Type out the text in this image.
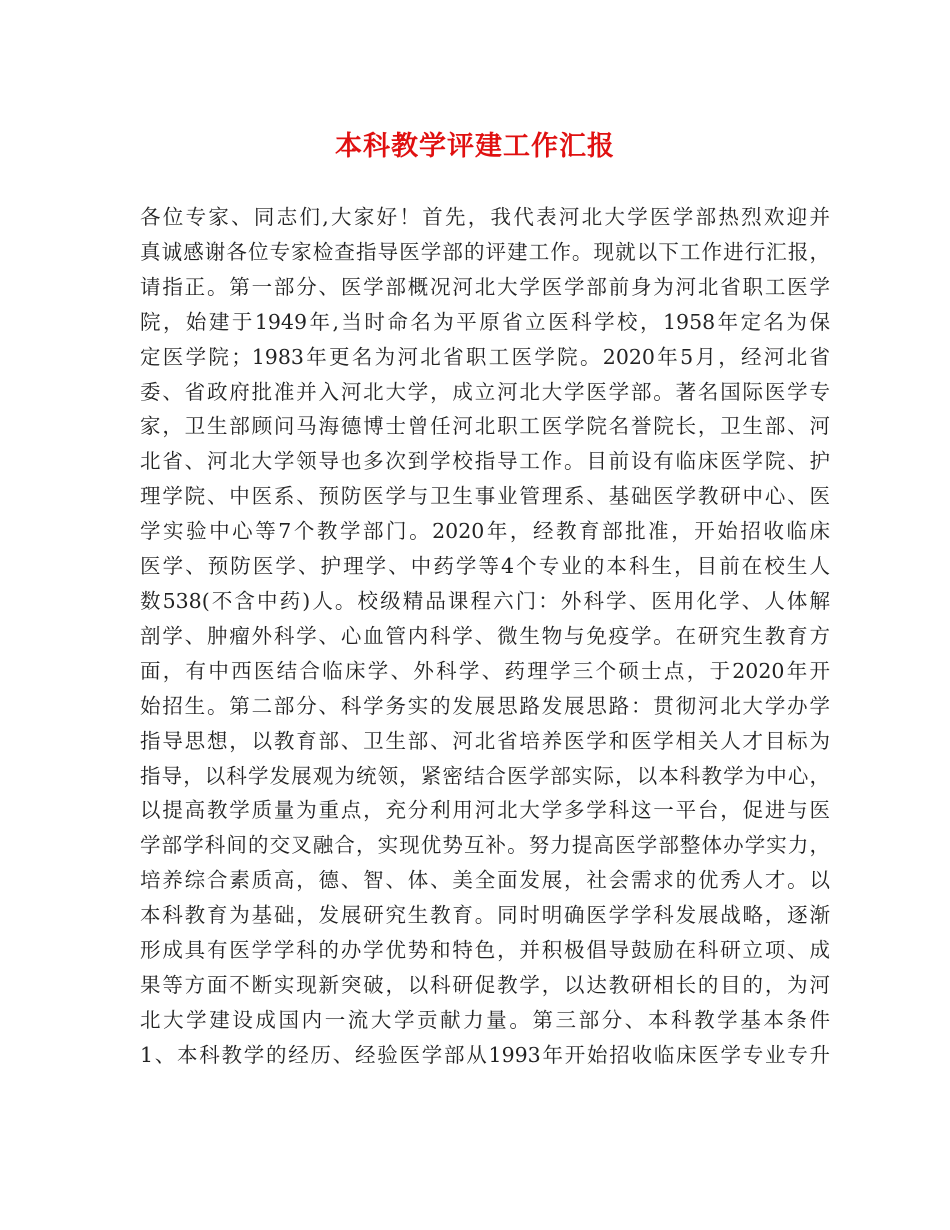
本科教学评建工作汇报
各位专家、同志们,大家好！首先，我代表河北大学医学部热烈欢迎并
真诚感谢各位专家检查指导医学部的评建工作。现就以下工作进行汇报，
请指正。第一部分、医学部概况河北大学医学部前身为河北省职工医学
院，始建于1949年,当时命名为平原省立医科学校，1958年定名为保
定医学院；1983年更名为河北省职工医学院。2020年5月，经河北省
委、省政府批准并入河北大学，成立河北大学医学部。著名国际医学专
家，卫生部顾问马海德博士曾任河北职工医学院名誉院长，卫生部、河
北省、河北大学领导也多次到学校指导工作。目前设有临床医学院、护
理学院、中医系、预防医学与卫生事业管理系、基础医学教研中心、医
学实验中心等7个教学部门。2020年，经教育部批准，开始招收临床
医学、预防医学、护理学、中药学等4个专业的本科生，目前在校生人
数538(不含中药)人。校级精品课程六门：外科学、医用化学、人体解
剖学、肿瘤外科学、心血管内科学、微生物与免疫学。在研究生教育方
面，有中西医结合临床学、外科学、药理学三个硕士点，于2020年开
始招生。第二部分、科学务实的发展思路发展思路：贯彻河北大学办学
指导思想，以教育部、卫生部、河北省培养医学和医学相关人才目标为
指导，以科学发展观为统领，紧密结合医学部实际，以本科教学为中心，
以提高教学质量为重点，充分利用河北大学多学科这一平台，促进与医
学部学科间的交叉融合，实现优势互补。努力提高医学部整体办学实力，
培养综合素质高，德、智、体、美全面发展，社会需求的优秀人才。以
本科教育为基础，发展研究生教育。同时明确医学学科发展战略，逐渐
形成具有医学学科的办学优势和特色，并积极倡导鼓励在科研立项、成
果等方面不断实现新突破，以科研促教学，以达教研相长的目的，为河
北大学建设成国内一流大学贡献力量。第三部分、本科教学基本条件
1、本科教学的经历、经验医学部从1993年开始招收临床医学专业专升
